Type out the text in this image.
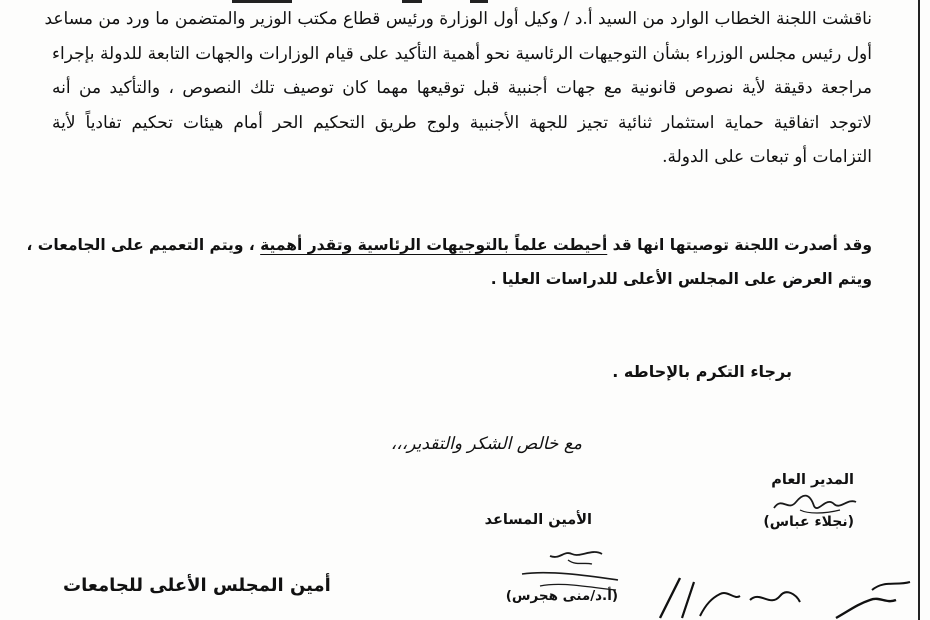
ناقشت اللجنة الخطاب الوارد من السيد أ.د / وكيل أول الوزارة ورئيس قطاع مكتب الوزير والمتضمن ما ورد من مساعد
أول رئيس مجلس الوزراء بشأن التوجيهات الرئاسية نحو أهمية التأكيد على قيام الوزارات والجهات التابعة للدولة بإجراء
مراجعة دقيقة لأية نصوص قانونية مع جهات أجنبية قبل توقيعها مهما كان توصيف تلك النصوص ، والتأكيد من أنه
لاتوجد اتفاقية حماية استثمار ثنائية تجيز للجهة الأجنبية ولوج طريق التحكيم الحر أمام هيئات تحكيم تفادياً لأية
التزامات أو تبعات على الدولة.
وقد أصدرت اللجنة توصيتها انها قد أحيطت علماً بالتوجيهات الرئاسية وتقدر أهمية ، ويتم التعميم على الجامعات ،
ويتم العرض على المجلس الأعلى للدراسات العليا .
برجاء التكرم بالإحاطه .
مع خالص الشكر والتقدير،،،
المدير العام
(نجلاء عباس)
الأمين المساعد
(أ.د/منى هجرس)
أمين المجلس الأعلى للجامعات
